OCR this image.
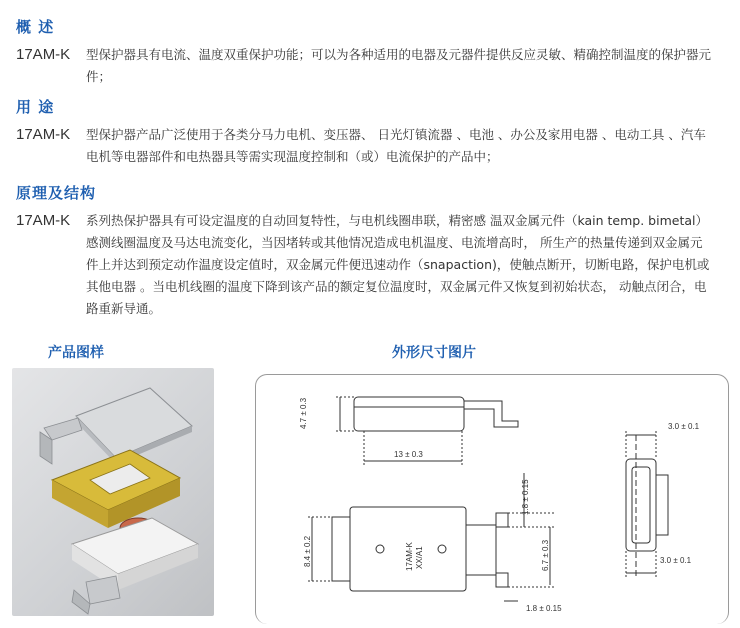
概 述
17AM-K 型保护器具有电流、温度双重保护功能；可以为各种适用的电器及元器件提供反应灵敏、精确控制温度的保护器元件；
用 途
17AM-K 型保护器产品广泛使用于各类分马力电机、变压器、 日光灯镇流器 、电池 、办公及家用电器 、电动工具 、汽车电机等电器部件和电热器具等需实现温度控制和（或）电流保护的产品中；
原理及结构
17AM-K 系列热保护器具有可设定温度的自动回复特性，与电机线圈串联，精密感 温双金属元件（kain temp. bimetal）感测线圈温度及马达电流变化，当因堵转或其他情况造成电机温度、电流增高时， 所生产的热量传递到双金属元件上并达到预定动作温度设定值时，双金属元件便迅速动作（snapaction)，使触点断开，切断电路，保护电机或其他电器 。当电机线圈的温度下降到该产品的额定复位温度时，双金属元件又恢复到初始状态， 动触点闭合，电路重新导通。
产品图样	外形尺寸图片
4.7 ± 0.3
13 ± 0.3
8.4 ± 0.2
1.8 ± 0.15
6.7 ± 0.3
17AM-K XX/A1
1.8 ± 0.15
3.0 ± 0.1
3.0 ± 0.1
